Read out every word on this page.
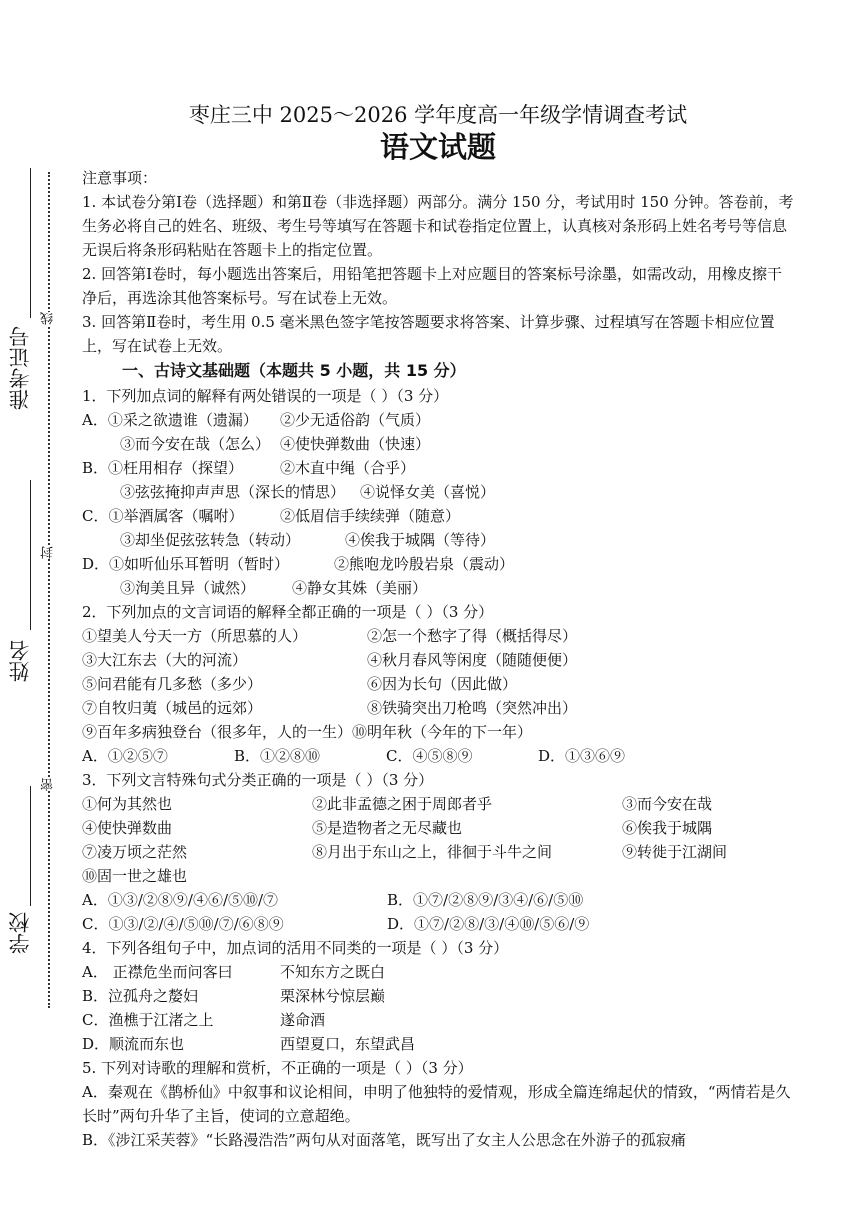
准考证号
线
姓名
封
学校
密
枣庄三中 2025～2026 学年度高一年级学情调查考试
语文试题
注意事项：
1. 本试卷分第Ⅰ卷（选择题）和第Ⅱ卷（非选择题）两部分。满分 150 分，考试用时 150 分钟。答卷前，考生务必将自己的姓名、班级、考生号等填写在答题卡和试卷指定位置上，认真核对条形码上姓名考号等信息无误后将条形码粘贴在答题卡上的指定位置。
2. 回答第Ⅰ卷时，每小题选出答案后，用铅笔把答题卡上对应题目的答案标号涂墨，如需改动，用橡皮擦干净后，再选涂其他答案标号。写在试卷上无效。
3. 回答第Ⅱ卷时，考生用 0.5 毫米黑色签字笔按答题要求将答案、计算步骤、过程填写在答题卡相应位置上，写在试卷上无效。
一、古诗文基础题（本题共 5 小题，共 15 分）
1．下列加点词的解释有两处错误的一项是（ ）（3 分）
A．①采之欲遗谁（遗漏） ②少无适俗韵（气质）
③而今安在哉（怎么） ④使快弹数曲（快速）
B．①枉用相存（探望） ②木直中绳（合乎）
③弦弦掩抑声声思（深长的情思） ④说怿女美（喜悦）
C．①举酒属客（嘱咐） ②低眉信手续续弹（随意）
③却坐促弦弦转急（转动）	④俟我于城隅（等待）
D．①如听仙乐耳暂明（暂时）	②熊咆龙吟殷岩泉（震动）
③洵美且异（诚然） ④静女其姝（美丽）
2．下列加点的文言词语的解释全都正确的一项是（ ）（3 分）
①望美人兮天一方（所思慕的人）	②怎一个愁字了得（概括得尽）
③大江东去（大的河流）	④秋月春风等闲度（随随便便）
⑤问君能有几多愁（多少）	⑥因为长句（因此做）
⑦自牧归荑（城邑的远郊）	⑧铁骑突出刀枪鸣（突然冲出）
⑨百年多病独登台（很多年，人的一生）⑩明年秋（今年的下一年）
A．①②⑤⑦	B．①②⑧⑩	C．④⑤⑧⑨	D．①③⑥⑨
3．下列文言特殊句式分类正确的一项是（ ）（3 分）
①何为其然也	②此非孟德之困于周郎者乎	③而今安在哉
④使快弹数曲	⑤是造物者之无尽藏也	⑥俟我于城隅
⑦凌万顷之茫然	⑧月出于东山之上，徘徊于斗牛之间	⑨转徙于江湖间
⑩固一世之雄也
A．①③/②⑧⑨/④⑥/⑤⑩/⑦	B．①⑦/②⑧⑨/③④/⑥/⑤⑩
C．①③/②/④/⑤⑩/⑦/⑥⑧⑨	D．①⑦/②⑧/③/④⑩/⑤⑥/⑨
4．下列各组句子中，加点词的活用不同类的一项是（ ）（3 分）
A． 正襟危坐而问客曰	不知东方之既白
B．泣孤舟之嫠妇	栗深林兮惊层巅
C．渔樵于江渚之上	遂命酒
D．顺流而东也	西望夏口，东望武昌
5. 下列对诗歌的理解和赏析，不正确的一项是（ ）（3 分）
A．秦观在《鹊桥仙》中叙事和议论相间，申明了他独特的爱情观，形成全篇连绵起伏的情致，“两情若是久长时”两句升华了主旨，使词的立意超绝。
B．《涉江采芙蓉》“长路漫浩浩”两句从对面落笔，既写出了女主人公思念在外游子的孤寂痛
